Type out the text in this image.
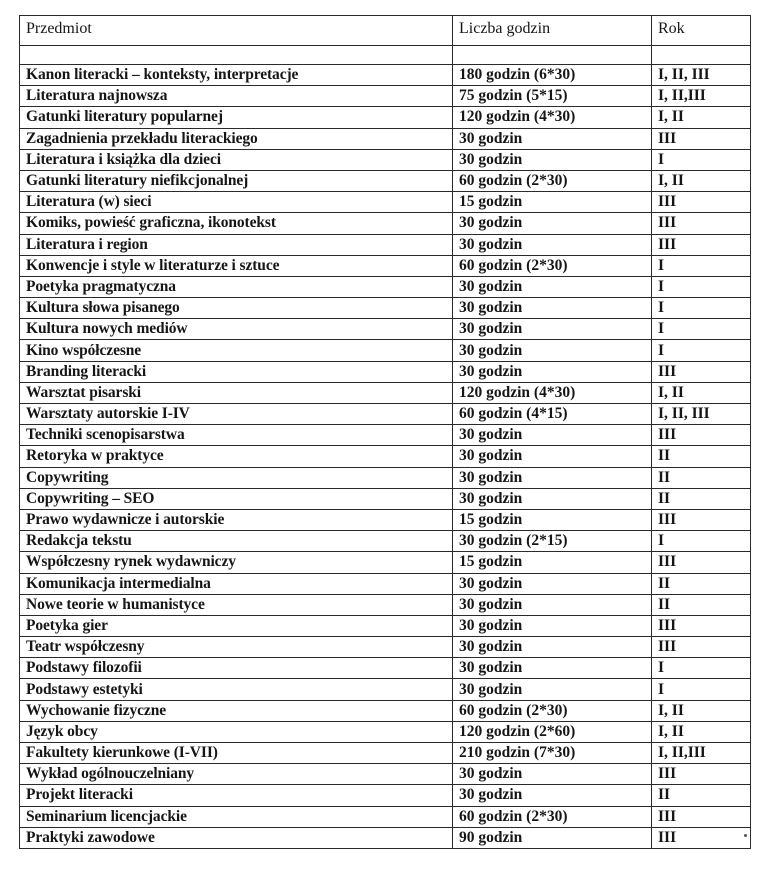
Przedmiot	Liczba godzin	Rok

Kanon literacki – konteksty, interpretacje	180 godzin (6*30)	I, II, III
Literatura najnowsza	75 godzin (5*15)	I, II,III
Gatunki literatury popularnej	120 godzin (4*30)	I, II
Zagadnienia przekładu literackiego	30 godzin	III
Literatura i książka dla dzieci	30 godzin	I
Gatunki literatury niefikcjonalnej	60 godzin (2*30)	I, II
Literatura (w) sieci	15 godzin	III
Komiks, powieść graficzna, ikonotekst	30 godzin	III
Literatura i region	30 godzin	III
Konwencje i style w literaturze i sztuce	60 godzin (2*30)	I
Poetyka pragmatyczna	30 godzin	I
Kultura słowa pisanego	30 godzin	I
Kultura nowych mediów	30 godzin	I
Kino współczesne	30 godzin	I
Branding literacki	30 godzin	III
Warsztat pisarski	120 godzin (4*30)	I, II
Warsztaty autorskie I-IV	60 godzin (4*15)	I, II, III
Techniki scenopisarstwa	30 godzin	III
Retoryka w praktyce	30 godzin	II
Copywriting	30 godzin	II
Copywriting – SEO	30 godzin	II
Prawo wydawnicze i autorskie	15 godzin	III
Redakcja tekstu	30 godzin (2*15)	I
Współczesny rynek wydawniczy	15 godzin	III
Komunikacja intermedialna	30 godzin	II
Nowe teorie w humanistyce	30 godzin	II
Poetyka gier	30 godzin	III
Teatr współczesny	30 godzin	III
Podstawy filozofii	30 godzin	I
Podstawy estetyki	30 godzin	I
Wychowanie fizyczne	60 godzin (2*30)	I, II
Język obcy	120 godzin (2*60)	I, II
Fakultety kierunkowe (I-VII)	210 godzin (7*30)	I, II,III
Wykład ogólnouczelniany	30 godzin	III
Projekt literacki	30 godzin	II
Seminarium licencjackie	60 godzin (2*30)	III
Praktyki zawodowe	90 godzin	III
